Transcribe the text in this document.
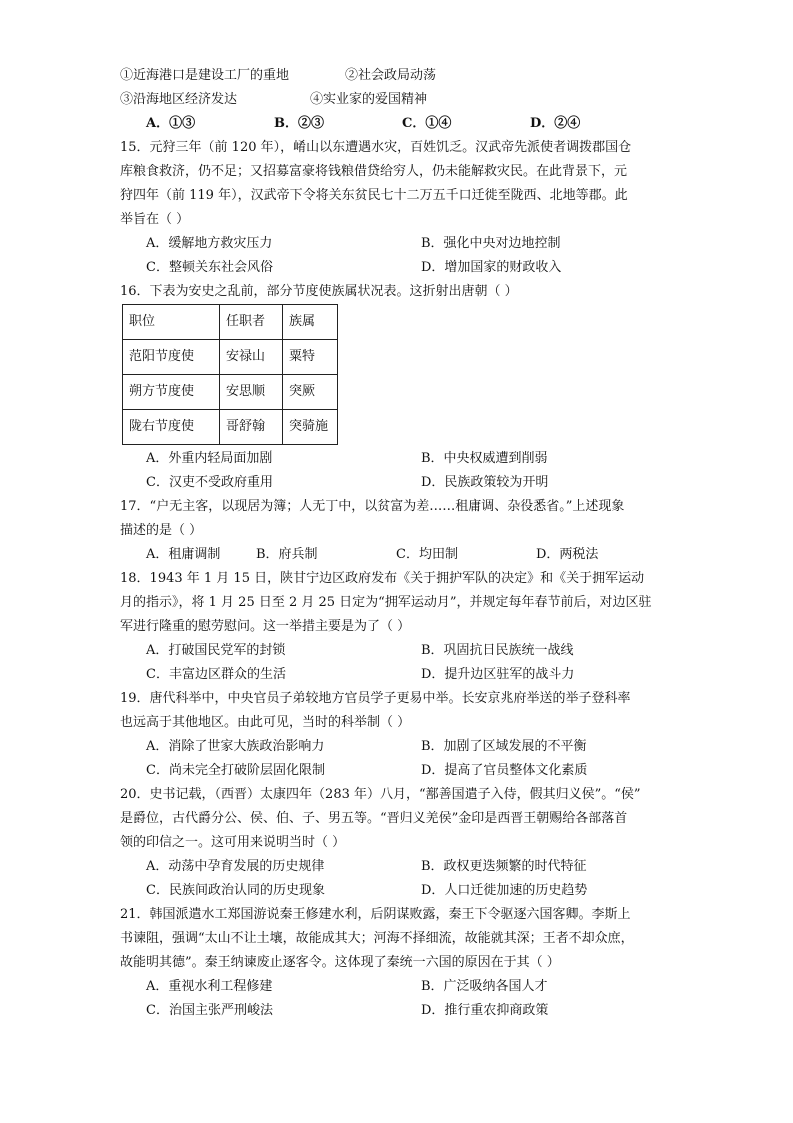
①近海港口是建设工厂的重地	②社会政局动荡
③沿海地区经济发达	④实业家的爱国精神
A．①③	B．②③	C．①④	D．②④
15．元狩三年（前 120 年），崤山以东遭遇水灾，百姓饥乏。汉武帝先派使者调拨郡国仓
库粮食救济，仍不足；又招募富豪将钱粮借贷给穷人，仍未能解救灾民。在此背景下，元
狩四年（前 119 年），汉武帝下令将关东贫民七十二万五千口迁徙至陇西、北地等郡。此
举旨在（ ）
A．缓解地方救灾压力	B．强化中央对边地控制
C．整顿关东社会风俗	D．增加国家的财政收入
16．下表为安史之乱前，部分节度使族属状况表。这折射出唐朝（ ）
职位	任职者	族属
范阳节度使	安禄山	粟特
朔方节度使	安思顺	突厥
陇右节度使	哥舒翰	突骑施
A．外重内轻局面加剧	B．中央权威遭到削弱
C．汉吏不受政府重用	D．民族政策较为开明
17．“户无主客，以现居为簿；人无丁中，以贫富为差……租庸调、杂役悉省。”上述现象
描述的是（ ）
A．租庸调制	B．府兵制	C．均田制	D．两税法
18．1943 年 1 月 15 日，陕甘宁边区政府发布《关于拥护军队的决定》和《关于拥军运动
月的指示》，将 1 月 25 日至 2 月 25 日定为“拥军运动月”，并规定每年春节前后，对边区驻
军进行隆重的慰劳慰问。这一举措主要是为了（ ）
A．打破国民党军的封锁	B．巩固抗日民族统一战线
C．丰富边区群众的生活	D．提升边区驻军的战斗力
19．唐代科举中，中央官员子弟较地方官员学子更易中举。长安京兆府举送的举子登科率
也远高于其他地区。由此可见，当时的科举制（ ）
A．消除了世家大族政治影响力	B．加剧了区域发展的不平衡
C．尚未完全打破阶层固化限制	D．提高了官员整体文化素质
20．史书记载，（西晋）太康四年（283 年）八月，“鄯善国遣子入侍，假其归义侯”。“侯”
是爵位，古代爵分公、侯、伯、子、男五等。“晋归义羌侯”金印是西晋王朝赐给各部落首
领的印信之一。这可用来说明当时（ ）
A．动荡中孕育发展的历史规律	B．政权更迭频繁的时代特征
C．民族间政治认同的历史现象	D．人口迁徙加速的历史趋势
21．韩国派遣水工郑国游说秦王修建水利，后阴谋败露，秦王下令驱逐六国客卿。李斯上
书谏阻，强调“太山不让土壤，故能成其大；河海不择细流，故能就其深；王者不却众庶，
故能明其德”。秦王纳谏废止逐客令。这体现了秦统一六国的原因在于其（ ）
A．重视水利工程修建	B．广泛吸纳各国人才
C．治国主张严刑峻法	D．推行重农抑商政策
